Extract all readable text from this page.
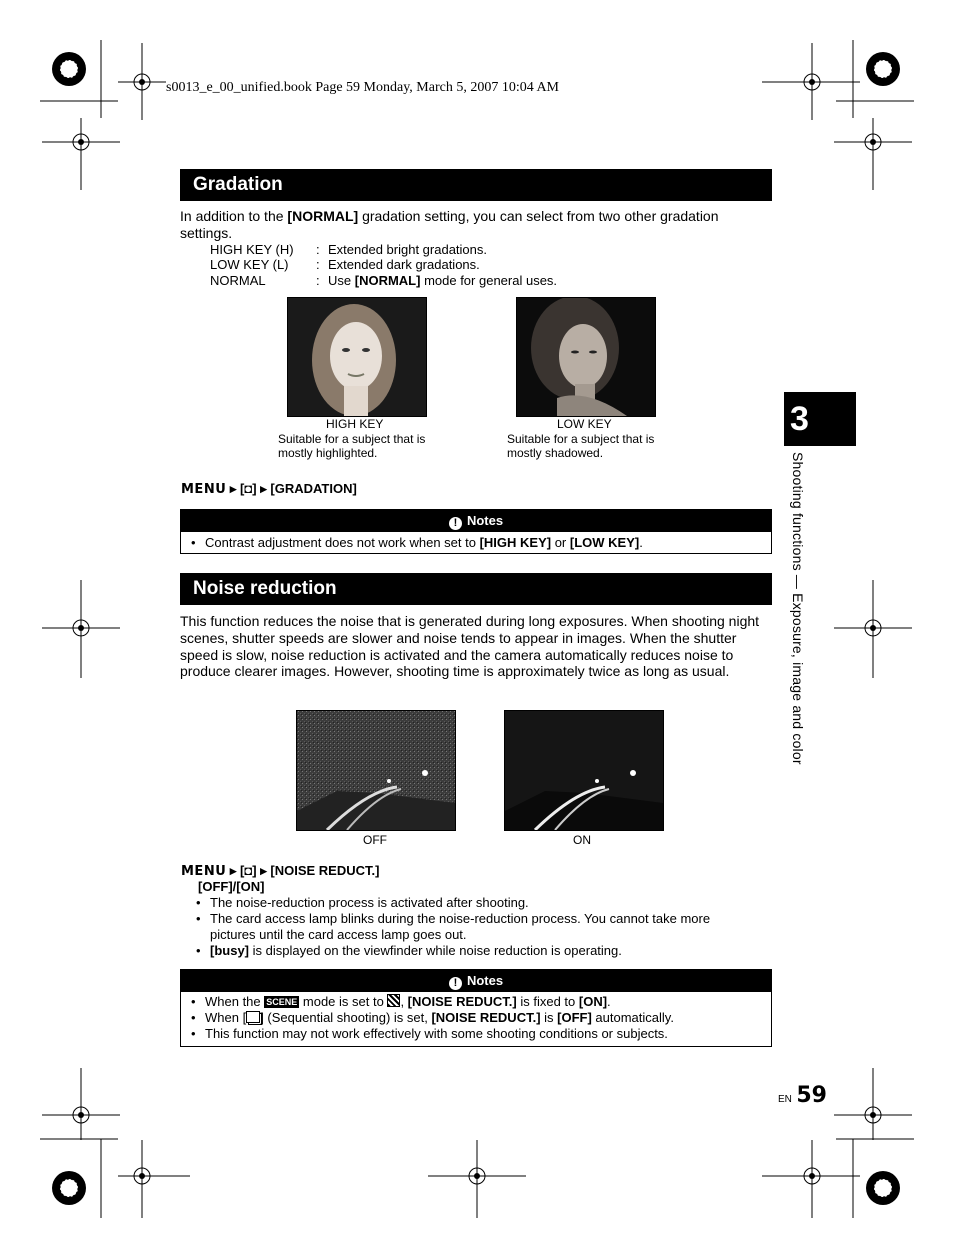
s0013_e_00_unified.book Page 59 Monday, March 5, 2007 10:04 AM
Gradation
In addition to the [NORMAL] gradation setting, you can select from two other gradation settings.
HIGH KEY (H) : Extended bright gradations.
LOW KEY (L) : Extended dark gradations.
NORMAL	: Use [NORMAL] mode for general uses.
HIGH KEY
Suitable for a subject that is mostly highlighted.
LOW KEY
Suitable for a subject that is mostly shadowed.
MENU ▸ [◘] ▸ [GRADATION]
! Notes
• Contrast adjustment does not work when set to [HIGH KEY] or [LOW KEY].
Noise reduction
This function reduces the noise that is generated during long exposures. When shooting night scenes, shutter speeds are slower and noise tends to appear in images. When the shutter speed is slow, noise reduction is activated and the camera automatically reduces noise to produce clearer images. However, shooting time is approximately twice as long as usual.
OFF	ON
MENU ▸ [◘] ▸ [NOISE REDUCT.]
[OFF]/[ON]
• The noise-reduction process is activated after shooting.
• The card access lamp blinks during the noise-reduction process. You cannot take more pictures until the card access lamp goes out.
• [busy] is displayed on the viewfinder while noise reduction is operating.
! Notes
• When the SCENE mode is set to , [NOISE REDUCT.] is fixed to [ON].
• When [ ] (Sequential shooting) is set, [NOISE REDUCT.] is [OFF] automatically.
• This function may not work effectively with some shooting conditions or subjects.
3
Shooting functions — Exposure, image and color
EN 59
